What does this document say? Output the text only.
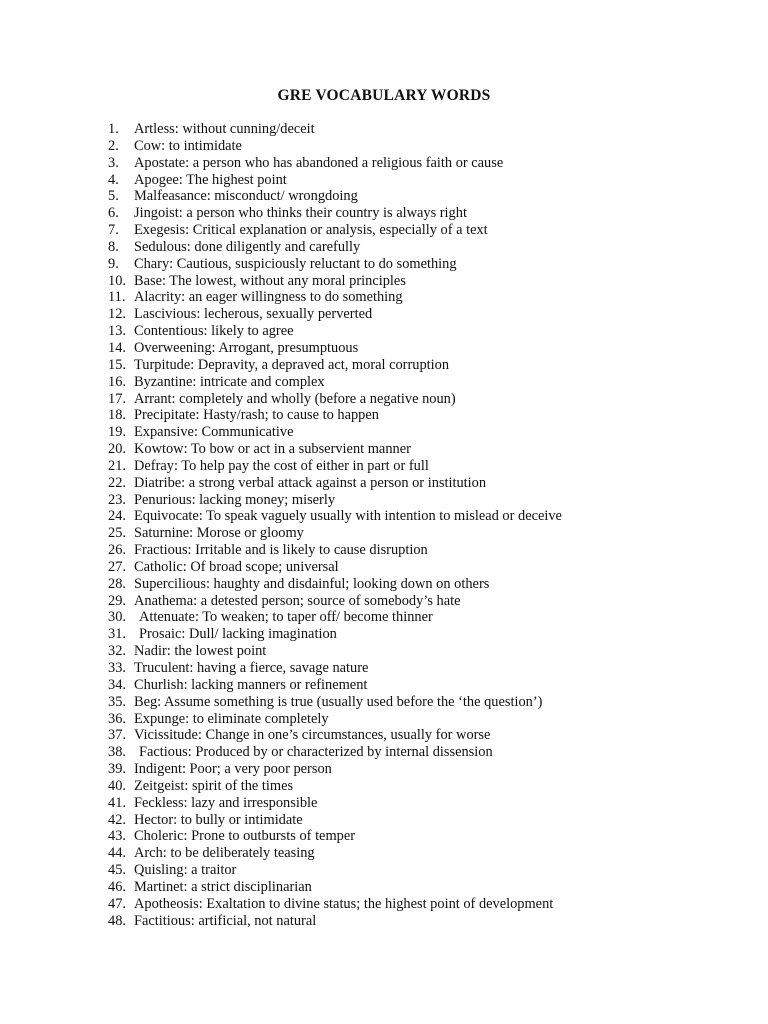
GRE VOCABULARY WORDS
1. Artless: without cunning/deceit
2. Cow: to intimidate
3. Apostate: a person who has abandoned a religious faith or cause
4. Apogee: The highest point
5. Malfeasance: misconduct/ wrongdoing
6. Jingoist: a person who thinks their country is always right
7. Exegesis: Critical explanation or analysis, especially of a text
8. Sedulous: done diligently and carefully
9. Chary: Cautious, suspiciously reluctant to do something
10. Base: The lowest, without any moral principles
11. Alacrity: an eager willingness to do something
12. Lascivious: lecherous, sexually perverted
13. Contentious: likely to agree
14. Overweening: Arrogant, presumptuous
15. Turpitude: Depravity, a depraved act, moral corruption
16. Byzantine: intricate and complex
17. Arrant: completely and wholly (before a negative noun)
18. Precipitate: Hasty/rash; to cause to happen
19. Expansive: Communicative
20. Kowtow: To bow or act in a subservient manner
21. Defray: To help pay the cost of either in part or full
22. Diatribe: a strong verbal attack against a person or institution
23. Penurious: lacking money; miserly
24. Equivocate: To speak vaguely usually with intention to mislead or deceive
25. Saturnine: Morose or gloomy
26. Fractious: Irritable and is likely to cause disruption
27. Catholic: Of broad scope; universal
28. Supercilious: haughty and disdainful; looking down on others
29. Anathema: a detested person; source of somebody’s hate
30. Attenuate: To weaken; to taper off/ become thinner
31. Prosaic: Dull/ lacking imagination
32. Nadir: the lowest point
33. Truculent: having a fierce, savage nature
34. Churlish: lacking manners or refinement
35. Beg: Assume something is true (usually used before the ‘the question’)
36. Expunge: to eliminate completely
37. Vicissitude: Change in one’s circumstances, usually for worse
38. Factious: Produced by or characterized by internal dissension
39. Indigent: Poor; a very poor person
40. Zeitgeist: spirit of the times
41. Feckless: lazy and irresponsible
42. Hector: to bully or intimidate
43. Choleric: Prone to outbursts of temper
44. Arch: to be deliberately teasing
45. Quisling: a traitor
46. Martinet: a strict disciplinarian
47. Apotheosis: Exaltation to divine status; the highest point of development
48. Factitious: artificial, not natural
